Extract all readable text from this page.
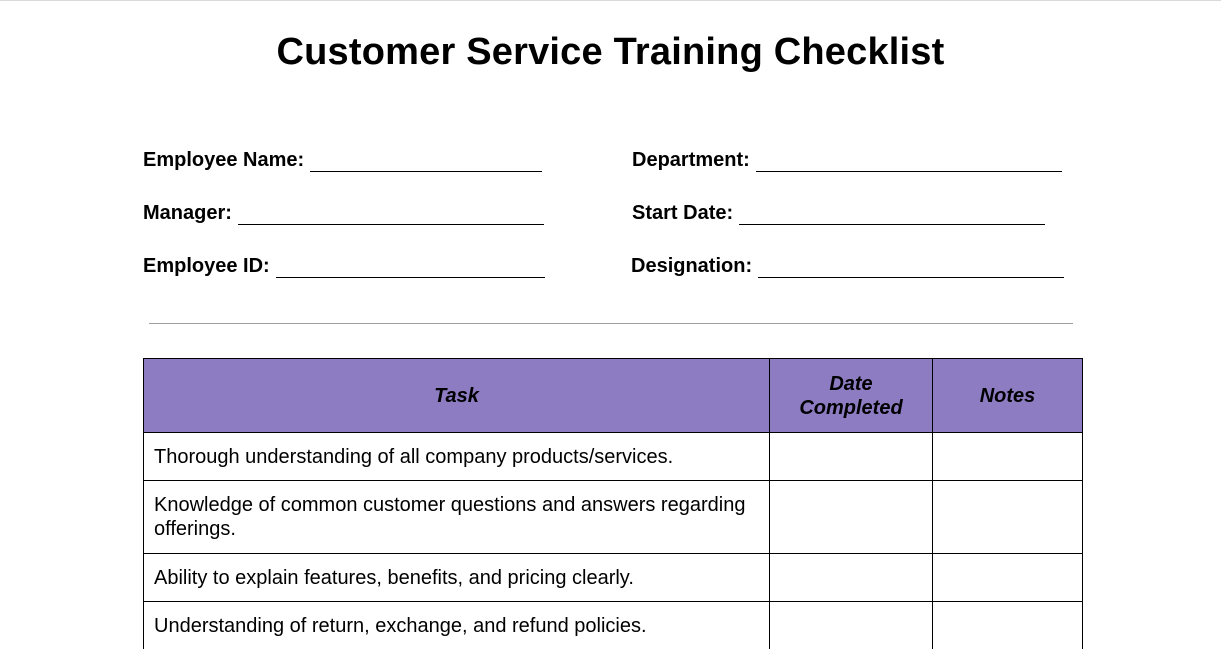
Customer Service Training Checklist
Employee Name:
Manager:
Employee ID:
Department:
Start Date:
Designation:
Task	Date Completed	Notes
Thorough understanding of all company products/services.		
Knowledge of common customer questions and answers regarding offerings.		
Ability to explain features, benefits, and pricing clearly.		
Understanding of return, exchange, and refund policies.		
